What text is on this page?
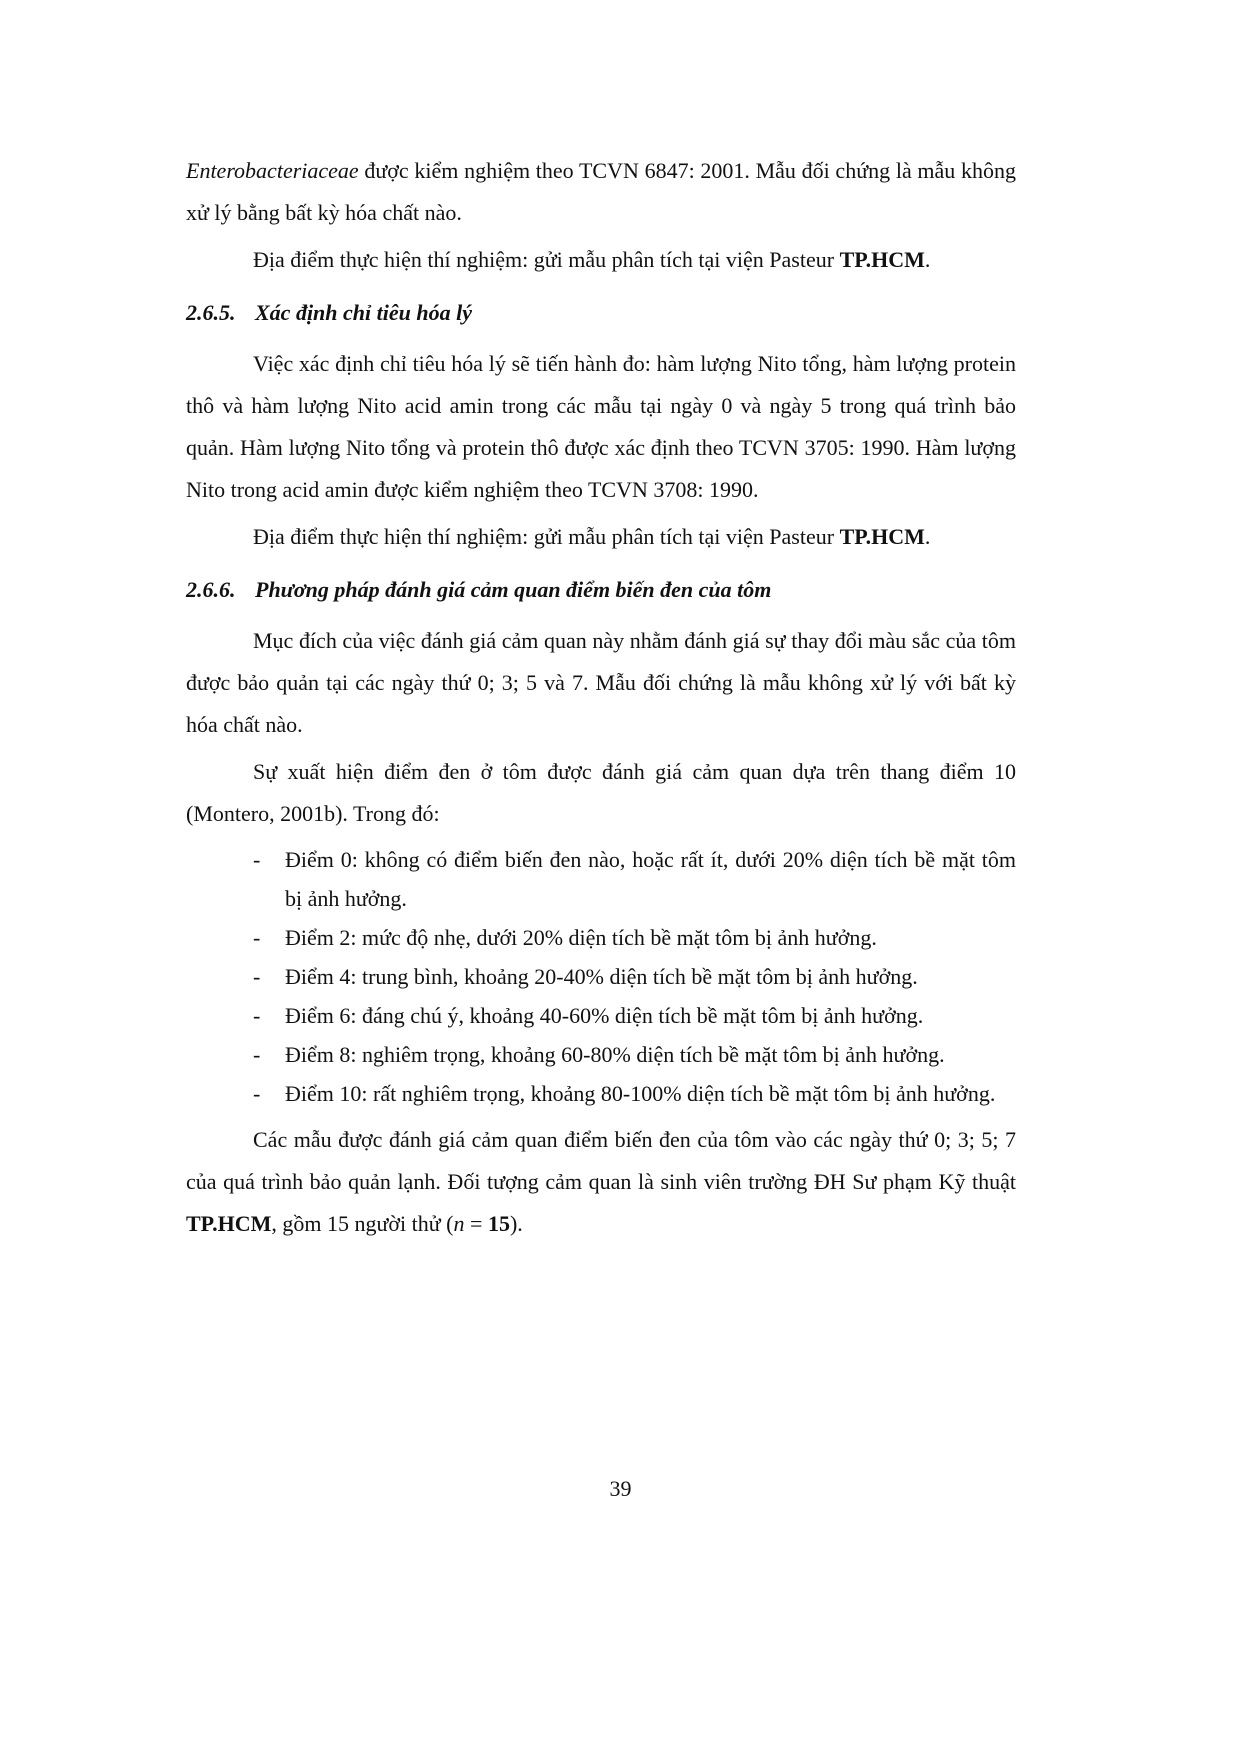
Enterobacteriaceae được kiểm nghiệm theo TCVN 6847: 2001. Mẫu đối chứng là mẫu không xử lý bằng bất kỳ hóa chất nào.

Địa điểm thực hiện thí nghiệm: gửi mẫu phân tích tại viện Pasteur TP.HCM.

2.6.5. Xác định chỉ tiêu hóa lý

Việc xác định chỉ tiêu hóa lý sẽ tiến hành đo: hàm lượng Nito tổng, hàm lượng protein thô và hàm lượng Nito acid amin trong các mẫu tại ngày 0 và ngày 5 trong quá trình bảo quản. Hàm lượng Nito tổng và protein thô được xác định theo TCVN 3705: 1990. Hàm lượng Nito trong acid amin được kiểm nghiệm theo TCVN 3708: 1990.

Địa điểm thực hiện thí nghiệm: gửi mẫu phân tích tại viện Pasteur TP.HCM.

2.6.6. Phương pháp đánh giá cảm quan điểm biến đen của tôm

Mục đích của việc đánh giá cảm quan này nhằm đánh giá sự thay đổi màu sắc của tôm được bảo quản tại các ngày thứ 0; 3; 5 và 7. Mẫu đối chứng là mẫu không xử lý với bất kỳ hóa chất nào.

Sự xuất hiện điểm đen ở tôm được đánh giá cảm quan dựa trên thang điểm 10 (Montero, 2001b). Trong đó:

- Điểm 0: không có điểm biến đen nào, hoặc rất ít, dưới 20% diện tích bề mặt tôm bị ảnh hưởng.
- Điểm 2: mức độ nhẹ, dưới 20% diện tích bề mặt tôm bị ảnh hưởng.
- Điểm 4: trung bình, khoảng 20-40% diện tích bề mặt tôm bị ảnh hưởng.
- Điểm 6: đáng chú ý, khoảng 40-60% diện tích bề mặt tôm bị ảnh hưởng.
- Điểm 8: nghiêm trọng, khoảng 60-80% diện tích bề mặt tôm bị ảnh hưởng.
- Điểm 10: rất nghiêm trọng, khoảng 80-100% diện tích bề mặt tôm bị ảnh hưởng.

Các mẫu được đánh giá cảm quan điểm biến đen của tôm vào các ngày thứ 0; 3; 5; 7 của quá trình bảo quản lạnh. Đối tượng cảm quan là sinh viên trường ĐH Sư phạm Kỹ thuật TP.HCM, gồm 15 người thử (n = 15).

39
